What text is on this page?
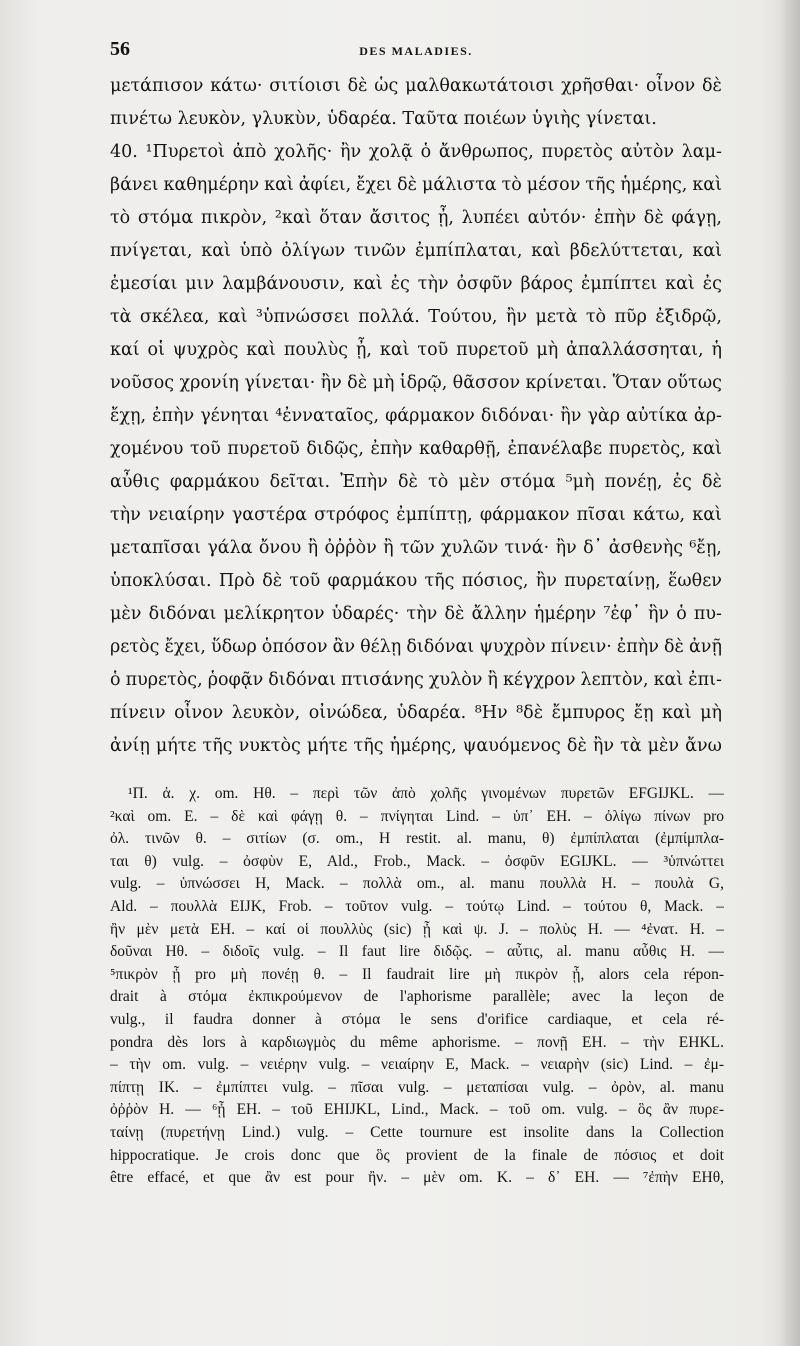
56	DES MALADIES.
μετάπισον κάτω· σιτίοισι δὲ ὡς μαλθακωτάτοισι χρῆσθαι· οἶνον δὲ
πινέτω λευκὸν, γλυκὺν, ὑδαρέα. Ταῦτα ποιέων ὑγιὴς γίνεται.
40. ¹Πυρετοὶ ἀπὸ χολῆς· ἢν χολᾷ ὁ ἄνθρωπος, πυρετὸς αὐτὸν λαμ-
βάνει καθημέρην καὶ ἀφίει, ἔχει δὲ μάλιστα τὸ μέσον τῆς ἡμέρης, καὶ
τὸ στόμα πικρὸν, ²καὶ ὅταν ἄσιτος ᾖ, λυπέει αὐτόν· ἐπὴν δὲ φάγῃ,
πνίγεται, καὶ ὑπὸ ὀλίγων τινῶν ἐμπίπλαται, καὶ βδελύττεται, καὶ
ἐμεσίαι μιν λαμβάνουσιν, καὶ ἐς τὴν ὀσφῦν βάρος ἐμπίπτει καὶ ἐς
τὰ σκέλεα, καὶ ³ὑπνώσσει πολλά. Τούτου, ἢν μετὰ τὸ πῦρ ἐξιδρῷ,
καί οἱ ψυχρὸς καὶ πουλὺς ᾖ, καὶ τοῦ πυρετοῦ μὴ ἀπαλλάσσηται, ἡ
νοῦσος χρονίη γίνεται· ἢν δὲ μὴ ἱδρῷ, θᾶσσον κρίνεται. Ὅταν οὕτως
ἔχῃ, ἐπὴν γένηται ⁴ἐνναταῖος, φάρμακον διδόναι· ἢν γὰρ αὐτίκα ἀρ-
χομένου τοῦ πυρετοῦ διδῷς, ἐπὴν καθαρθῇ, ἐπανέλαβε πυρετὸς, καὶ
αὖθις φαρμάκου δεῖται. Ἐπὴν δὲ τὸ μὲν στόμα ⁵μὴ πονέῃ, ἐς δὲ
τὴν νειαίρην γαστέρα στρόφος ἐμπίπτῃ, φάρμακον πῖσαι κάτω, καὶ
μεταπῖσαι γάλα ὄνου ἢ ὀῤῥὸν ἢ τῶν χυλῶν τινά· ἢν δ᾽ ἀσθενὴς ⁶ἔῃ,
ὑποκλύσαι. Πρὸ δὲ τοῦ φαρμάκου τῆς πόσιος, ἢν πυρεταίνῃ, ἕωθεν
μὲν διδόναι μελίκρητον ὑδαρές· τὴν δὲ ἄλλην ἡμέρην ⁷ἐφ᾽ ἣν ὁ πυ-
ρετὸς ἔχει, ὕδωρ ὁπόσον ἂν θέλῃ διδόναι ψυχρὸν πίνειν· ἐπὴν δὲ ἀνῇ
ὁ πυρετὸς, ῥοφᾷν διδόναι πτισάνης χυλὸν ἢ κέγχρον λεπτὸν, καὶ ἐπι-
πίνειν οἶνον λευκὸν, οἰνώδεα, ὑδαρέα. ⁸Ην ⁸δὲ ἔμπυρος ἔῃ καὶ μὴ
ἀνίῃ μήτε τῆς νυκτὸς μήτε τῆς ἡμέρης, ψαυόμενος δὲ ἢν τὰ μὲν ἄνω
¹Π. ἀ. χ. om. Hθ. – περὶ τῶν ἀπὸ χολῆς γινομένων πυρετῶν EFGIJKL. —
²καὶ om. E. – δὲ καὶ φάγῃ θ. – πνίγηται Lind. – ὑπ᾽ EH. – ὀλίγω πίνων pro
ὀλ. τινῶν θ. – σιτίων (σ. om., H restit. al. manu, θ) ἐμπίπλαται (ἐμπίμπλα-
ται θ) vulg. – ὀσφὺν E, Ald., Frob., Mack. – ὀσφῦν EGIJKL. — ³ὑπνώττει
vulg. – ὑπνώσσει H, Mack. – πολλὰ om., al. manu πουλλὰ H. – πουλὰ G,
Ald. – πουλλὰ EIJK, Frob. – τοῦτον vulg. – τούτῳ Lind. – τούτου θ, Mack. –
ἢν μὲν μετὰ EH. – καί οἱ πουλλὺς (sic) ᾖ καὶ ψ. J. – πολὺς H. — ⁴ἐνατ. H. –
δοῦναι Hθ. – διδοῖς vulg. – Il faut lire διδῷς. – αὖτις, al. manu αὖθις H. —
⁵πικρὸν ᾖ pro μὴ πονέῃ θ. – Il faudrait lire μὴ πικρὸν ᾖ, alors cela répon-
drait à στόμα ἐκπικρούμενον de l'aphorisme parallèle; avec la leçon de
vulg., il faudra donner à στόμα le sens d'orifice cardiaque, et cela ré-
pondra dès lors à καρδιωγμὸς du même aphorisme. – πονῇ EH. – τὴν EHKL.
– τὴν om. vulg. – νειέρην vulg. – νειαίρην E, Mack. – νειαρὴν (sic) Lind. – ἐμ-
πίπτῃ IK. – ἐμπίπτει vulg. – πῖσαι vulg. – μεταπίσαι vulg. – ὀρὸν, al. manu
ὀῤῥὸν H. — ⁶ᾖ EH. – τοῦ EHIJKL, Lind., Mack. – τοῦ om. vulg. – ὃς ἂν πυρε-
ταίνῃ (πυρετήνῃ Lind.) vulg. – Cette tournure est insolite dans la Collection
hippocratique. Je crois donc que ὃς provient de la finale de πόσιος et doit
être effacé, et que ἂν est pour ἢν. – μὲν om. K. – δ᾽ EH. — ⁷ἐπὴν EHθ,
